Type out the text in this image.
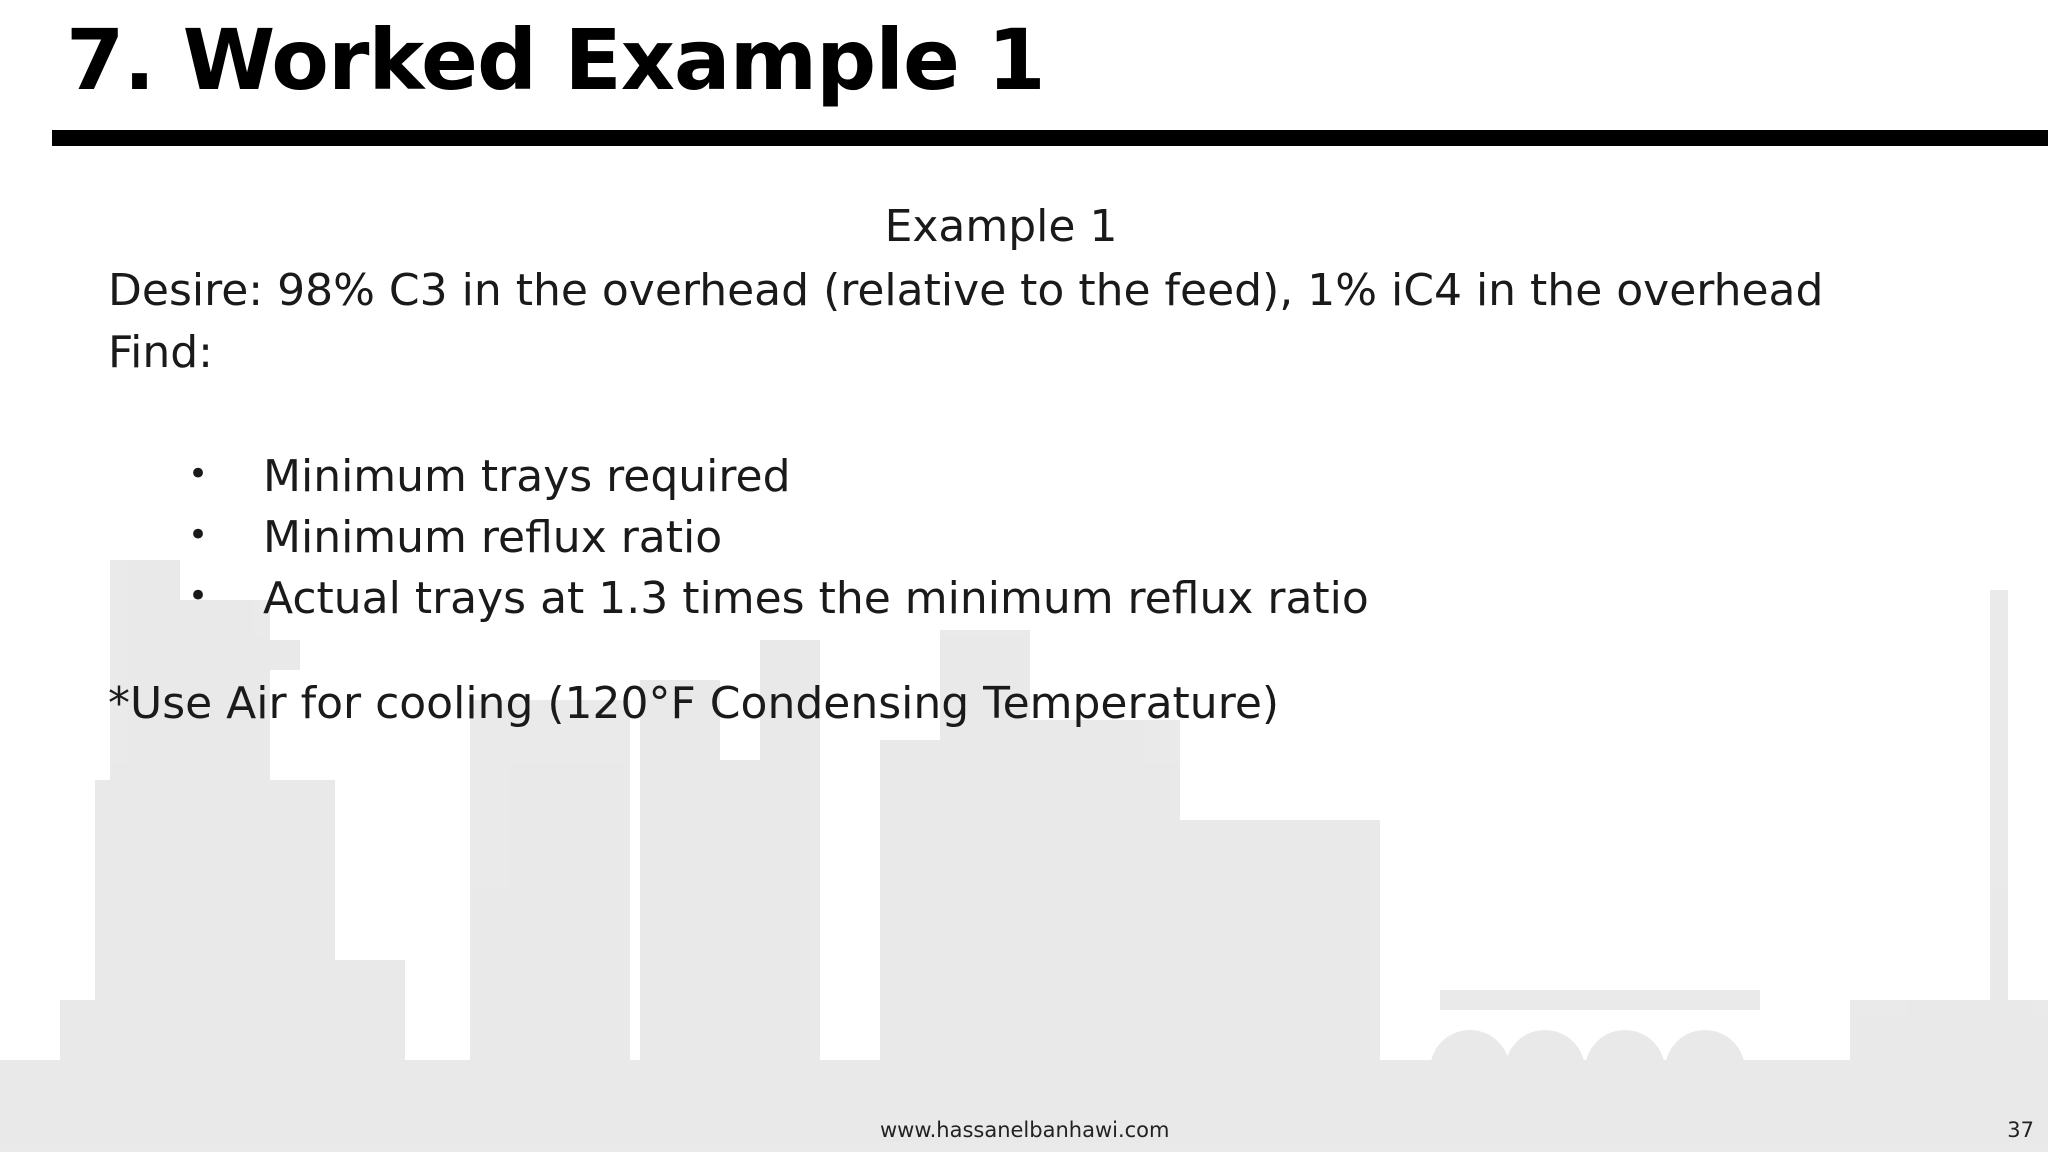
7. Worked Example 1
Example 1
Desire: 98% C3 in the overhead (relative to the feed), 1% iC4 in the overhead
Find:
• Minimum trays required
• Minimum reflux ratio
• Actual trays at 1.3 times the minimum reflux ratio
*Use Air for cooling (120°F Condensing Temperature)
www.hassanelbanhawi.com	37
